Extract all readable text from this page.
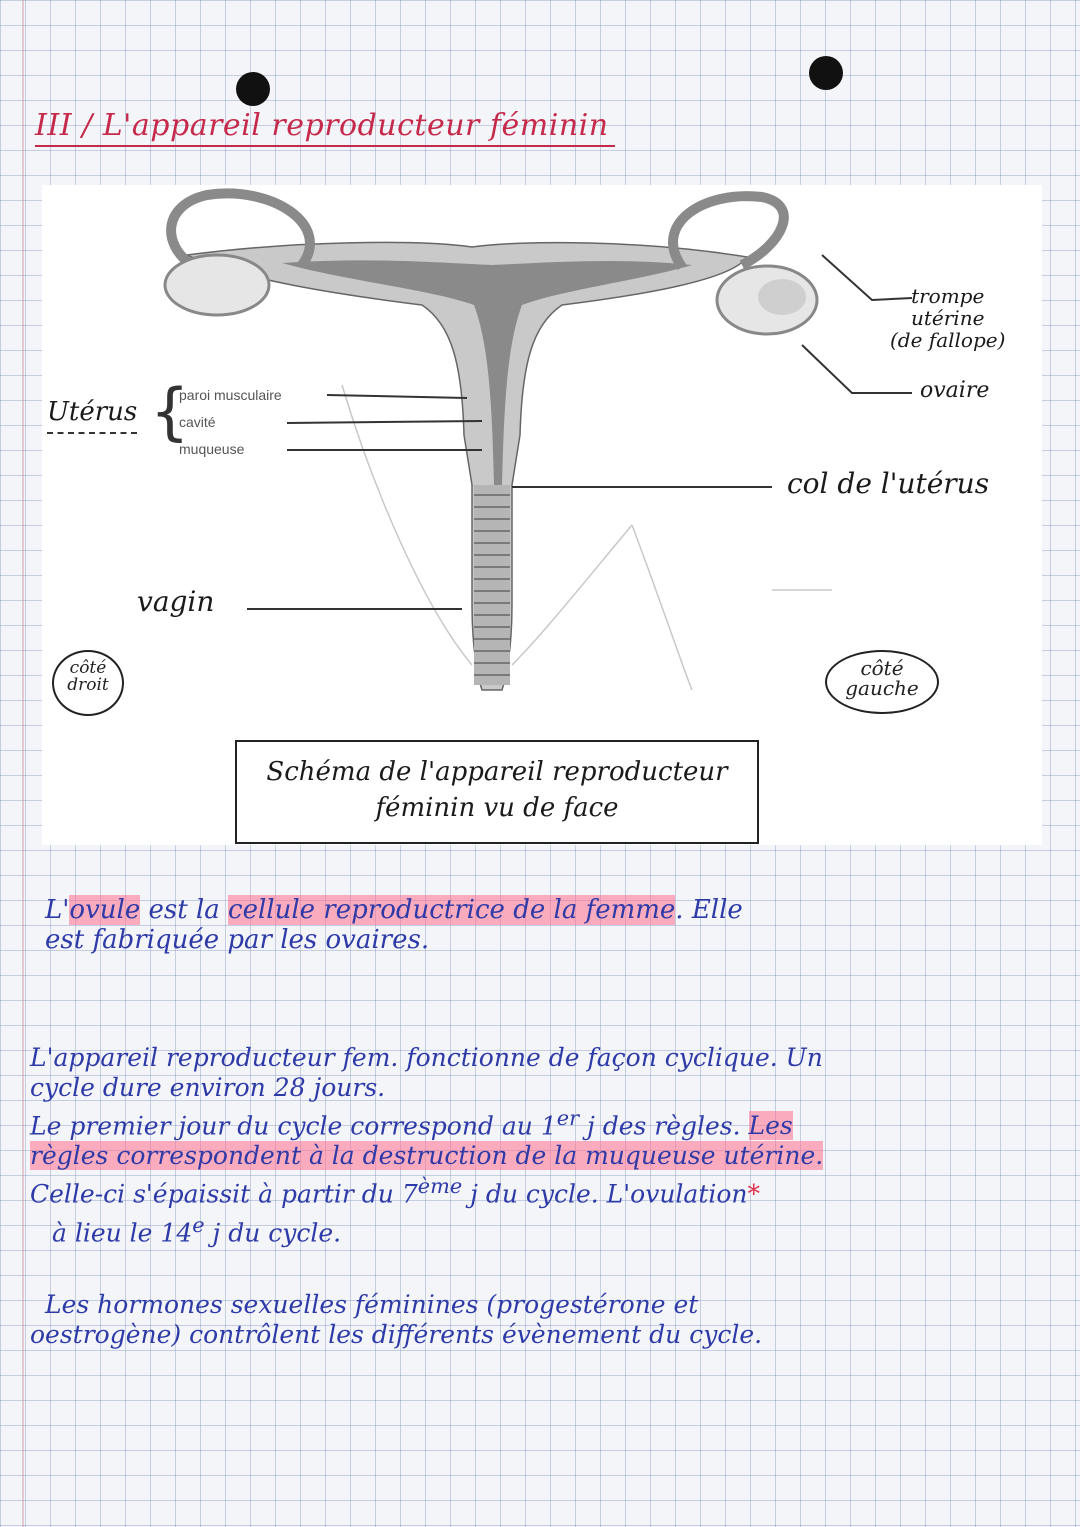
III / L'appareil reproducteur féminin
Utérus {
paroi musculaire
cavité
muqueuse
trompe
utérine
(de fallope)
ovaire
col de l'utérus
vagin
côté
droit
côté
gauche
Schéma de l'appareil reproducteur
féminin vu de face
L'ovule est la cellule reproductrice de la femme. Elle
est fabriquée par les ovaires.
L'appareil reproducteur fem. fonctionne de façon cyclique. Un
cycle dure environ 28 jours.
Le premier jour du cycle correspond au 1er j des règles. Les
règles correspondent à la destruction de la muqueuse utérine.
Celle-ci s'épaissit à partir du 7ème j du cycle. L'ovulation*
à lieu le 14e j du cycle.
Les hormones sexuelles féminines (progestérone et
oestrogène) contrôlent les différents évènement du cycle.
